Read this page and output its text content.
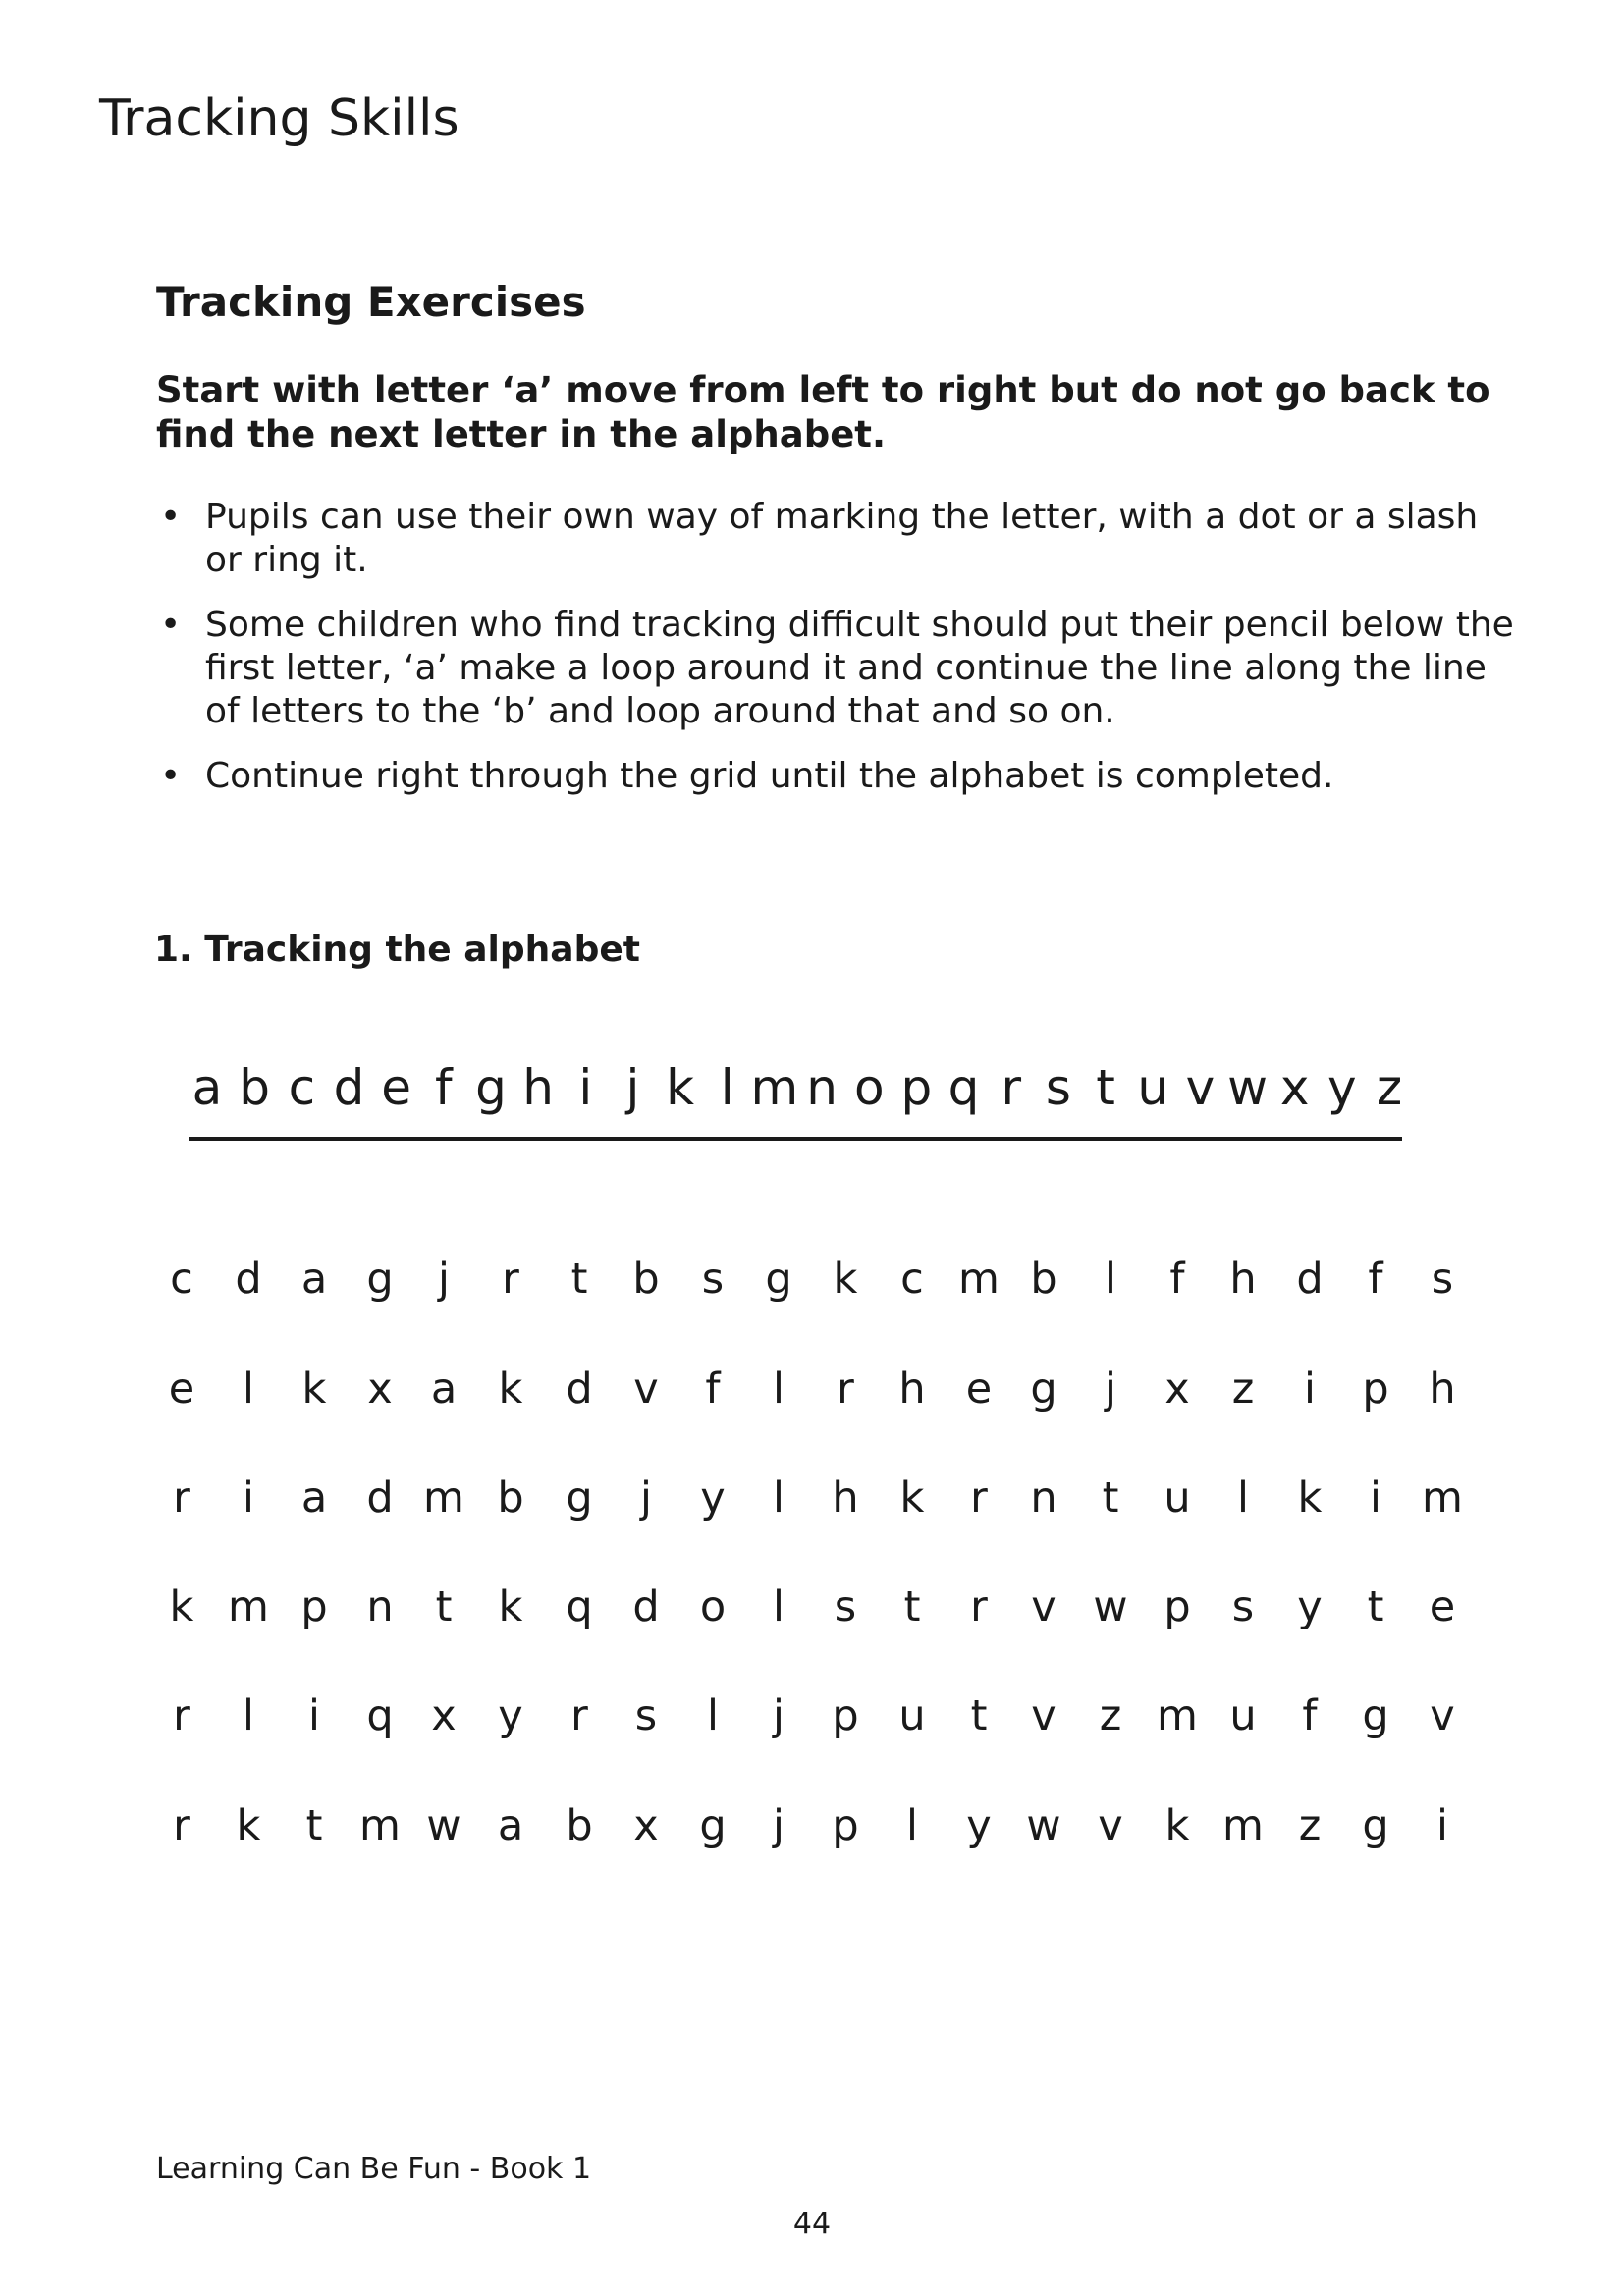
Tracking Skills
Tracking Exercises

Start with letter ‘a’ move from left to right but do not go back to find the next letter in the alphabet.

• Pupils can use their own way of marking the letter, with a dot or a slash or ring it.
• Some children who find tracking difficult should put their pencil below the first letter, ‘a’ make a loop around it and continue the line along the line of letters to the ‘b’ and loop around that and so on.
• Continue right through the grid until the alphabet is completed.
1. Tracking the alphabet
a b c d e f g h i j k l m n o p q r s t u v w x y z
c d a g j r t b s g k c m b l f h d f s
e l k x a k d v f l r h e g j x z i p h
r i a d m b g j y l h k r n t u l k i m
k m p n t k q d o l s t r v w p s y t e
r l i q x y r s l j p u t v z m u f g v
r k t m w a b x g j p l y w v k m z g i

Learning Can Be Fun - Book 1

44
